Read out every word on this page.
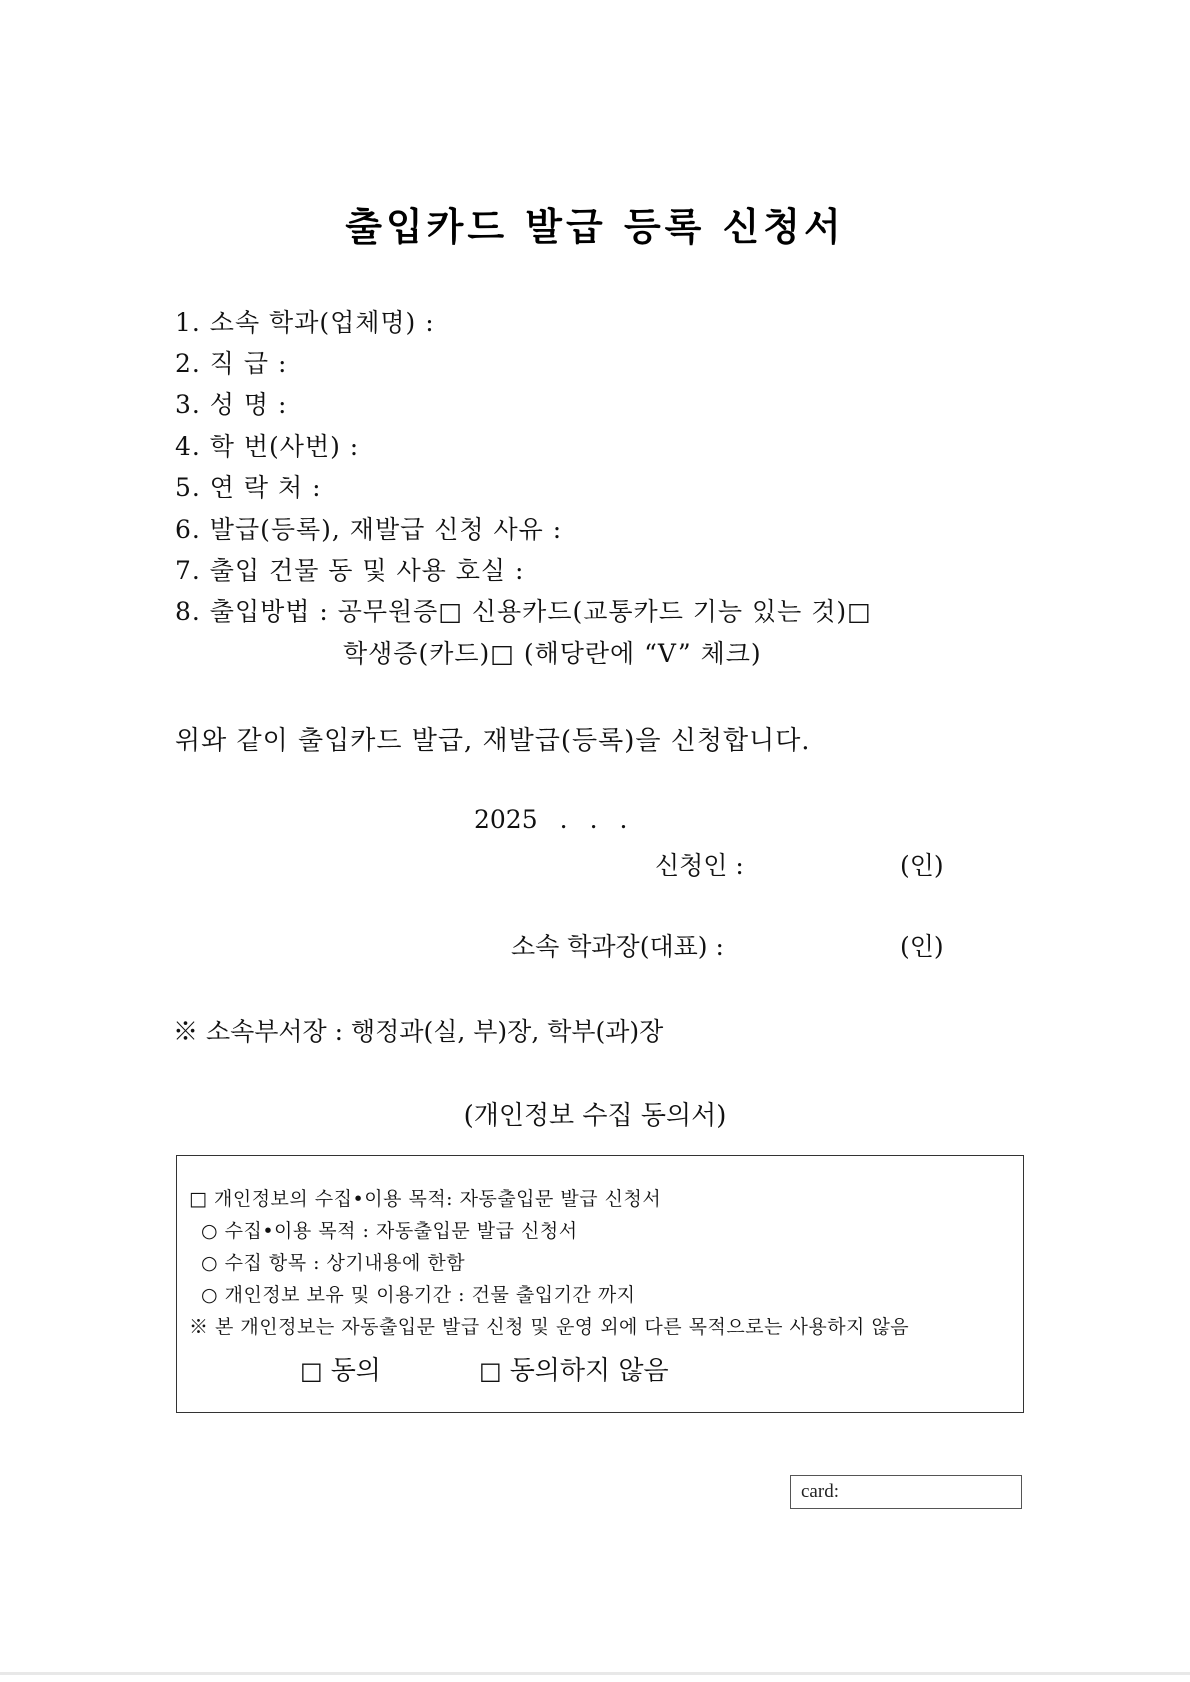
출입카드 발급 등록 신청서
1. 소속 학과(업체명) :
2. 직 급 :
3. 성 명 :
4. 학 번(사번) :
5. 연 락 처 :
6. 발급(등록), 재발급 신청 사유 :
7. 출입 건물 동 및 사용 호실 :
8. 출입방법 : 공무원증□ 신용카드(교통카드 기능 있는 것)□
학생증(카드)□ (해당란에 “V” 체크)
위와 같이 출입카드 발급, 재발급(등록)을 신청합니다.
2025 . . .
신청인 :	(인)
소속 학과장(대표) :	(인)
※ 소속부서장 : 행정과(실, 부)장, 학부(과)장
(개인정보 수집 동의서)
□ 개인정보의 수집•이용 목적: 자동출입문 발급 신청서
○ 수집•이용 목적 : 자동출입문 발급 신청서
○ 수집 항목 : 상기내용에 한함
○ 개인정보 보유 및 이용기간 : 건물 출입기간 까지
※ 본 개인정보는 자동출입문 발급 신청 및 운영 외에 다른 목적으로는 사용하지 않음
□ 동의	□ 동의하지 않음
card:
